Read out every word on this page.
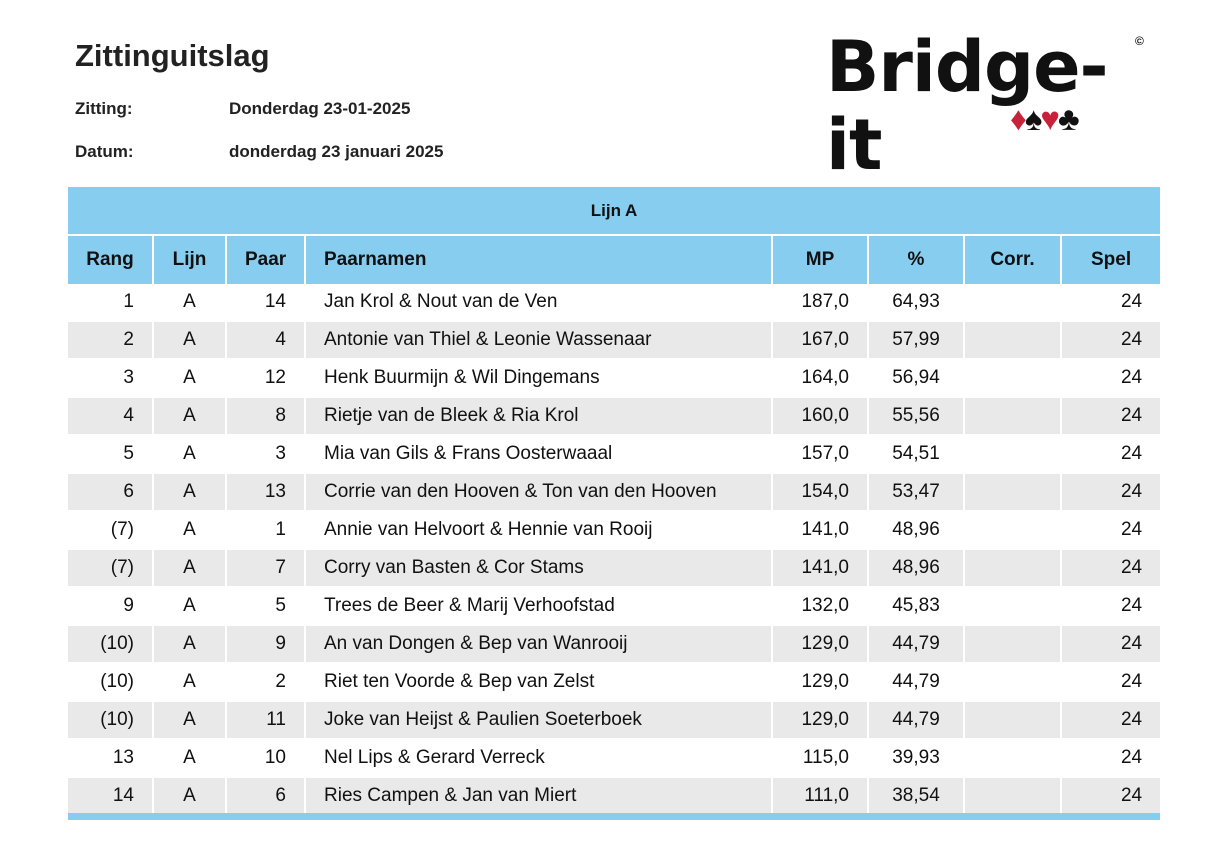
Zittinguitslag
Zitting:	Donderdag 23-01-2025
Datum:	donderdag 23 januari 2025
Bridge-it
©
♦♠♥♣
Lijn A							
Rang	Lijn	Paar	Paarnamen	MP	%	Corr.	Spel
1	A	14	Jan Krol & Nout van de Ven	187,0	64,93		24
2	A	4	Antonie van Thiel & Leonie Wassenaar	167,0	57,99		24
3	A	12	Henk Buurmijn & Wil Dingemans	164,0	56,94		24
4	A	8	Rietje van de Bleek & Ria Krol	160,0	55,56		24
5	A	3	Mia van Gils & Frans Oosterwaaal	157,0	54,51		24
6	A	13	Corrie van den Hooven & Ton van den Hooven	154,0	53,47		24
(7)	A	1	Annie van Helvoort & Hennie van Rooij	141,0	48,96		24
(7)	A	7	Corry van Basten & Cor Stams	141,0	48,96		24
9	A	5	Trees de Beer & Marij Verhoofstad	132,0	45,83		24
(10)	A	9	An van Dongen & Bep van Wanrooij	129,0	44,79		24
(10)	A	2	Riet ten Voorde & Bep van Zelst	129,0	44,79		24
(10)	A	11	Joke van Heijst & Paulien Soeterboek	129,0	44,79		24
13	A	10	Nel Lips & Gerard Verreck	115,0	39,93		24
14	A	6	Ries Campen & Jan van Miert	111,0	38,54		24
